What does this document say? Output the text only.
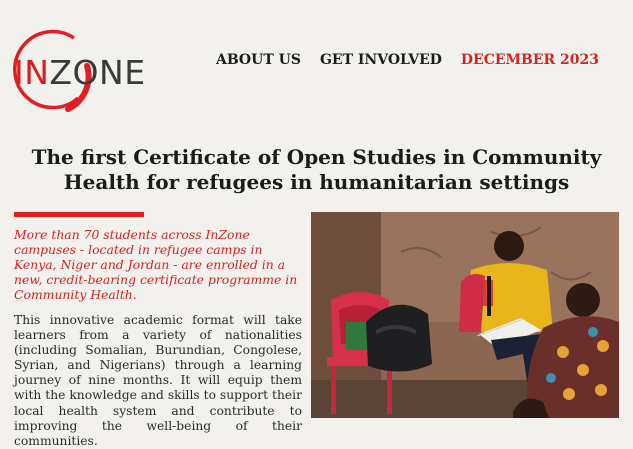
INZONE	ABOUT US GET INVOLVED DECEMBER 2023
The first Certificate of Open Studies in Community Health for refugees in humanitarian settings

More than 70 students across InZone campuses - located in refugee camps in Kenya, Niger and Jordan - are enrolled in a new, credit-bearing certificate programme in Community Health.

This innovative academic format will take learners from a variety of nationalities (including Somalian, Burundian, Congolese, Syrian, and Nigerians) through a learning journey of nine months. It will equip them with the knowledge and skills to support their local health system and contribute to improving the well-being of their communities.
